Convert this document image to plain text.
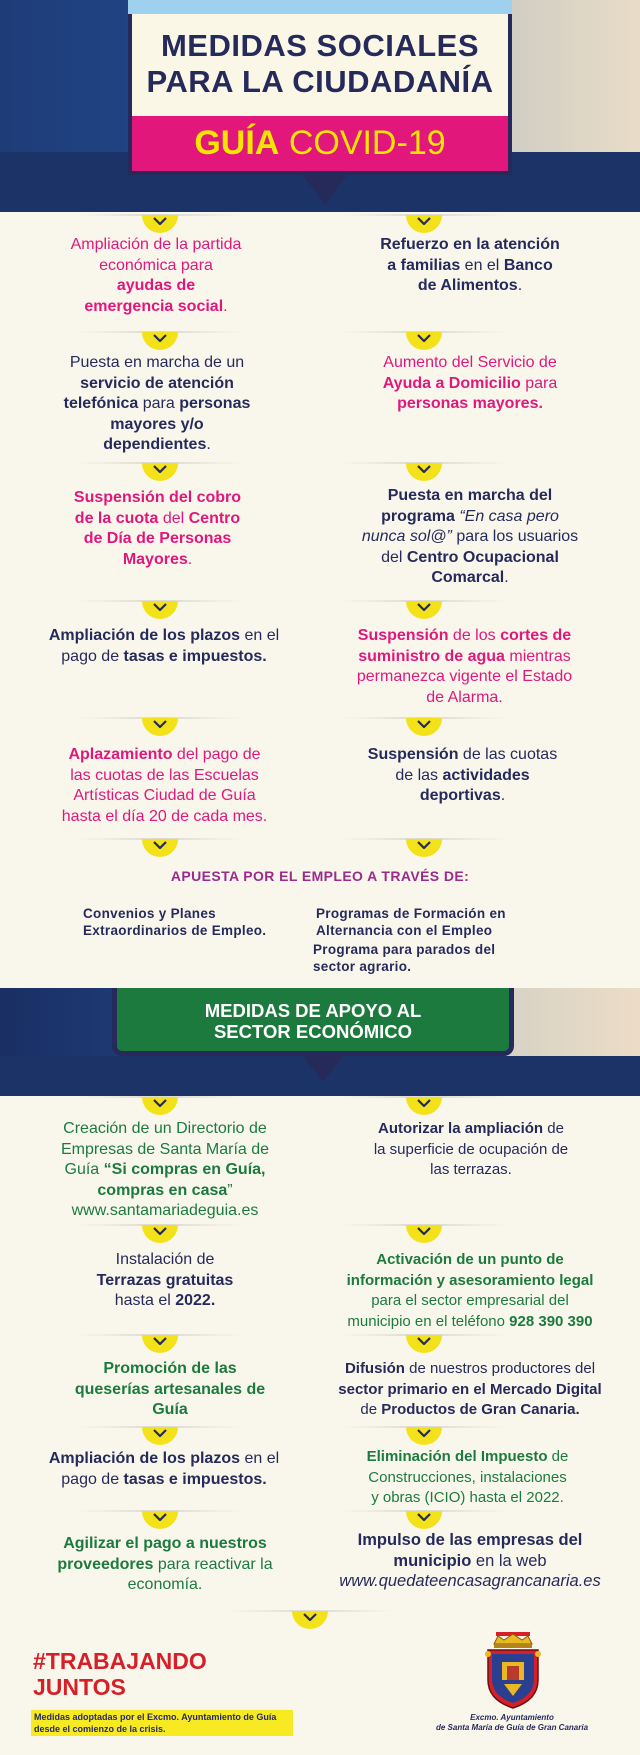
MEDIDAS SOCIALES
PARA LA CIUDADANÍA
GUÍA COVID-19
Ampliación de la partida
económica para
ayudas de
emergencia social.
Refuerzo en la atención
a familias en el Banco
de Alimentos.
Puesta en marcha de un
servicio de atención
telefónica para personas
mayores y/o
dependientes.
Aumento del Servicio de
Ayuda a Domicilio para
personas mayores.
Suspensión del cobro
de la cuota del Centro
de Día de Personas
Mayores.
Puesta en marcha del
programa “En casa pero
nunca sol@” para los usuarios
del Centro Ocupacional
Comarcal.
Ampliación de los plazos en el
pago de tasas e impuestos.
Suspensión de los cortes de
suministro de agua mientras
permanezca vigente el Estado
de Alarma.
Aplazamiento del pago de
las cuotas de las Escuelas
Artísticas Ciudad de Guía
hasta el día 20 de cada mes.
Suspensión de las cuotas
de las actividades
deportivas.
APUESTA POR EL EMPLEO A TRAVÉS DE:
Convenios y Planes
Extraordinarios de Empleo.
Programas de Formación en
Alternancia con el Empleo
Programa para parados del
sector agrario.
MEDIDAS DE APOYO AL
SECTOR ECONÓMICO
Creación de un Directorio de
Empresas de Santa María de
Guía “Si compras en Guía,
compras en casa”
www.santamariadeguia.es
Autorizar la ampliación de
la superficie de ocupación de
las terrazas.
Instalación de
Terrazas gratuitas
hasta el 2022.
Activación de un punto de
información y asesoramiento legal
para el sector empresarial del
municipio en el teléfono 928 390 390
Promoción de las
queserías artesanales de
Guía
Difusión de nuestros productores del
sector primario en el Mercado Digital
de Productos de Gran Canaria.
Ampliación de los plazos en el
pago de tasas e impuestos.
Eliminación del Impuesto de
Construcciones, instalaciones
y obras (ICIO) hasta el 2022.
Agilizar el pago a nuestros
proveedores para reactivar la
economía.
Impulso de las empresas del
municipio en la web
www.quedateencasagrancanaria.es
#TRABAJANDO
JUNTOS
Medidas adoptadas por el Excmo. Ayuntamiento de Guía
desde el comienzo de la crisis.
Excmo. Ayuntamiento
de Santa María de Guía de Gran Canaria
